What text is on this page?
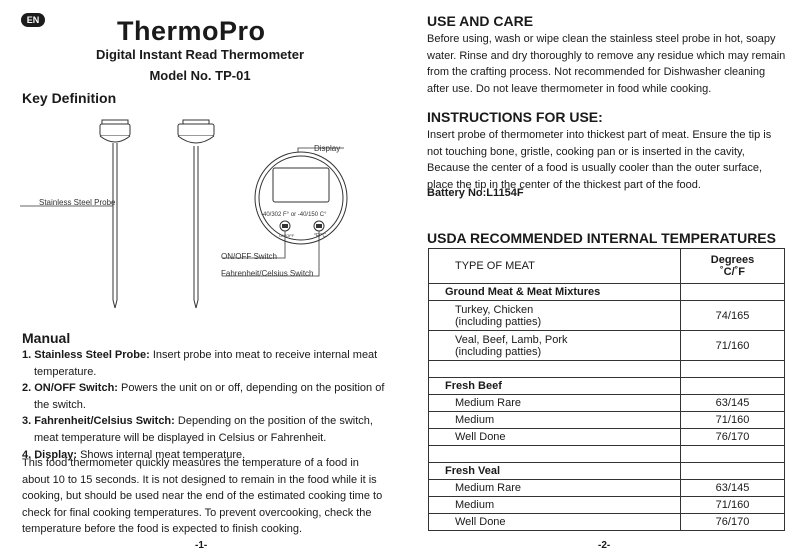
EN	ThermoPro
Digital Instant Read Thermometer
Model No. TP-01
Key Definition
Display
Stainless Steel Probe
-40/302 F° or -40/150 C°
ON/OFF	°F/°C
ON/OFF Switch
Fahrenheit/Celsius Switch
Manual
1. Stainless Steel Probe: Insert probe into meat to receive internal meat temperature.
2. ON/OFF Switch: Powers the unit on or off, depending on the position of the switch.
3. Fahrenheit/Celsius Switch: Depending on the position of the switch, meat temperature will be displayed in Celsius or Fahrenheit.
4. Display: Shows internal meat temperature.
This food thermometer quickly measures the temperature of a food in about 10 to 15 seconds. It is not designed to remain in the food while it is cooking, but should be used near the end of the estimated cooking time to check for final cooking temperatures. To prevent overcooking, check the temperature before the food is expected to finish cooking.
-1-
USE AND CARE
Before using, wash or wipe clean the stainless steel probe in hot, soapy water. Rinse and dry thoroughly to remove any residue which may remain from the crafting process. Not recommended for Dishwasher cleaning after use. Do not leave thermometer in food while cooking.
INSTRUCTIONS FOR USE:
Insert probe of thermometer into thickest part of meat. Ensure the tip is not touching bone, gristle, cooking pan or is inserted in the cavity, Because the center of a food is usually cooler than the outer surface, place the tip in the center of the thickest part of the food.
Battery No:L1154F
USDA RECOMMENDED INTERNAL TEMPERATURES
TYPE OF MEAT	Degrees
˚C/˚F

Ground Meat & Meat Mixtures	

Turkey, Chicken
(including patties)	74/165

Veal, Beef, Lamb, Pork
(including patties)	71/160

Fresh Beef	
Medium Rare	63/145
Medium	71/160
Well Done	76/170

Fresh Veal	
Medium Rare	63/145
Medium	71/160
Well Done	76/170
-2-
